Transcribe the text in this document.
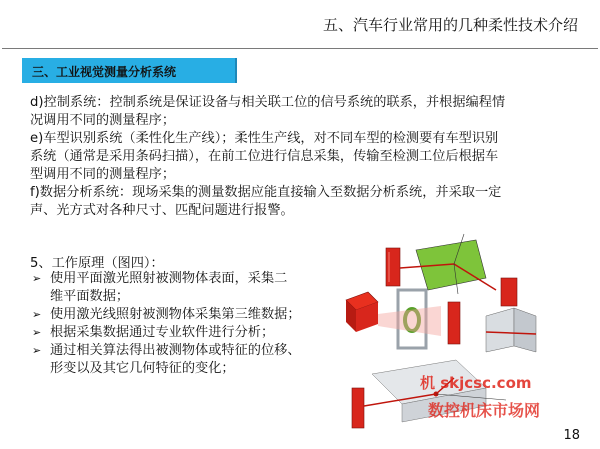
五、汽车行业常用的几种柔性技术介绍
三、工业视觉测量分析系统
d)控制系统：控制系统是保证设备与相关联工位的信号系统的联系，并根据编程情
况调用不同的测量程序；
e)车型识别系统（柔性化生产线）；柔性生产线，对不同车型的检测要有车型识别
系统（通常是采用条码扫描），在前工位进行信息采集，传输至检测工位后根据车
型调用不同的测量程序；
f)数据分析系统：现场采集的测量数据应能直接输入至数据分析系统，并采取一定
声、光方式对各种尺寸、匹配问题进行报警。
5、工作原理（图四）：
➢ 使用平面激光照射被测物体表面，采集二
维平面数据；
➢ 使用激光线照射被测物体采集第三维数据；
➢ 根据采集数据通过专业软件进行分析；
➢ 通过相关算法得出被测物体或特征的位移、
形变以及其它几何特征的变化；
机 skjcsc.com
数控机床市场网
18
